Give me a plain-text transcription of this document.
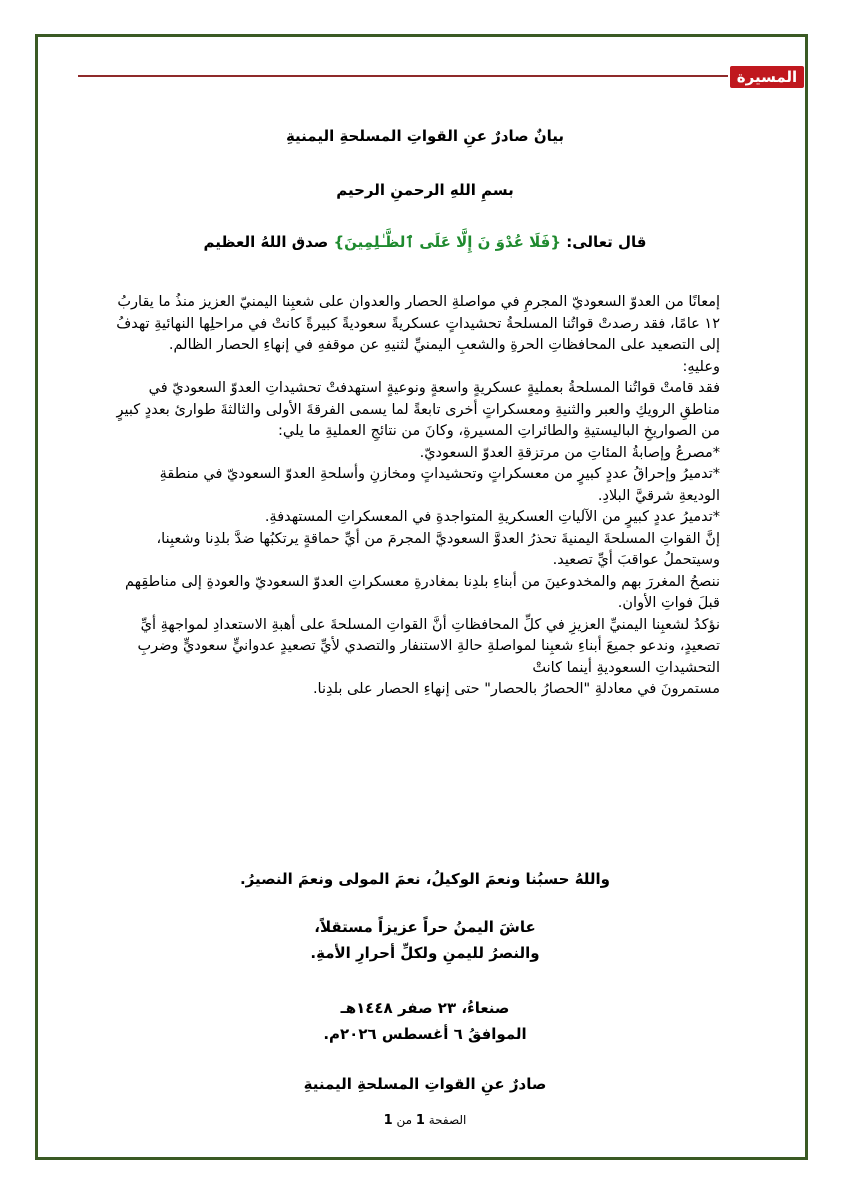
المسيرة
بيانٌ صادرٌ عنِ القواتِ المسلحةِ اليمنيةِ
بسمِ اللهِ الرحمنِ الرحيم
قال تعالى: {فَلَا عُدْوَ نَ إِلَّا عَلَى ٱلظَّـٰلِمِينَ} صدق اللهُ العظيم

إمعانًا من العدوّ السعوديّ المجرمِ في مواصلةِ الحصار والعدوان على شعبِنا اليمنيّ العزيز منذُ ما يقاربُ ١٢ عامًا، فقد رصدتْ قواتُنا المسلحةُ تحشيداتٍ عسكريةً سعوديةً كبيرةً كانتْ في مراحلِها النهائيةِ تهدفُ إلى التصعيد على المحافظاتِ الحرةِ والشعبِ اليمنيِّ لثنيهِ عن موقفهِ في إنهاءِ الحصار الظالم.

وعليهِ:

فقد قامتْ قواتُنا المسلحةُ بعمليةٍ عسكريةٍ واسعةٍ ونوعيةٍ استهدفتْ تحشيداتِ العدوّ السعوديّ في مناطقِ الرويكِ والعبر والثنيةِ ومعسكراتٍ أخرى تابعةً لما يسمى الفرقةَ الأولى والثالثةَ طوارئ بعددٍ كبيرٍ من الصواريخِ الباليستيةِ والطائراتِ المسيرةِ، وكانَ من نتائجِ العمليةِ ما يلي:

*مصرعُ وإصابةُ المئاتِ من مرتزقةِ العدوّ السعوديّ.

*تدميرُ وإحراقُ عددٍ كبيرٍ من معسكراتٍ وتحشيداتٍ ومخازنِ وأسلحةِ العدوّ السعوديّ في منطقةِ الوديعةِ شرقيَّ البلادِ.

*تدميرُ عددٍ كبيرٍ من الآلياتِ العسكريةِ المتواجدةِ في المعسكراتِ المستهدفةِ.

إنَّ القواتِ المسلحةَ اليمنيةَ تحذرُ العدوَّ السعوديَّ المجرمَ من أيِّ حماقةٍ يرتكبُها ضدَّ بلدِنا وشعبِنا، وسيتحملُ عواقبَ أيِّ تصعيد.

ننصحُ المغررَ بهم والمخدوعينَ من أبناءِ بلدِنا بمغادرةِ معسكراتِ العدوّ السعوديّ والعودةِ إلى مناطقِهم قبلَ فواتِ الأوان.

نؤكدُ لشعبِنا اليمنيِّ العزيزِ في كلِّ المحافظاتِ أنَّ القواتِ المسلحةَ على أهبةِ الاستعدادِ لمواجهةِ أيِّ تصعيدٍ، وندعو جميعَ أبناءِ شعبِنا لمواصلةِ حالةِ الاستنفار والتصدي لأيِّ تصعيدٍ عدوانيٍّ سعوديٍّ وضربِ التحشيداتِ السعوديةِ أينما كانتْ

مستمرونَ في معادلةِ "الحصارُ بالحصار" حتى إنهاءِ الحصار على بلدِنا.

واللهُ حسبُنا ونعمَ الوكيلُ، نعمَ المولى ونعمَ النصيرُ.
عاشَ اليمنُ حراً عزيزاً مستقلاً،
والنصرُ لليمنِ ولكلِّ أحرارِ الأمةِ.
صنعاءُ، ٢٣ صفر ١٤٤٨هـ
الموافقُ ٦ أغسطس ٢٠٢٦م.
صادرٌ عنِ القواتِ المسلحةِ اليمنيةِ
الصفحة 1 من 1
